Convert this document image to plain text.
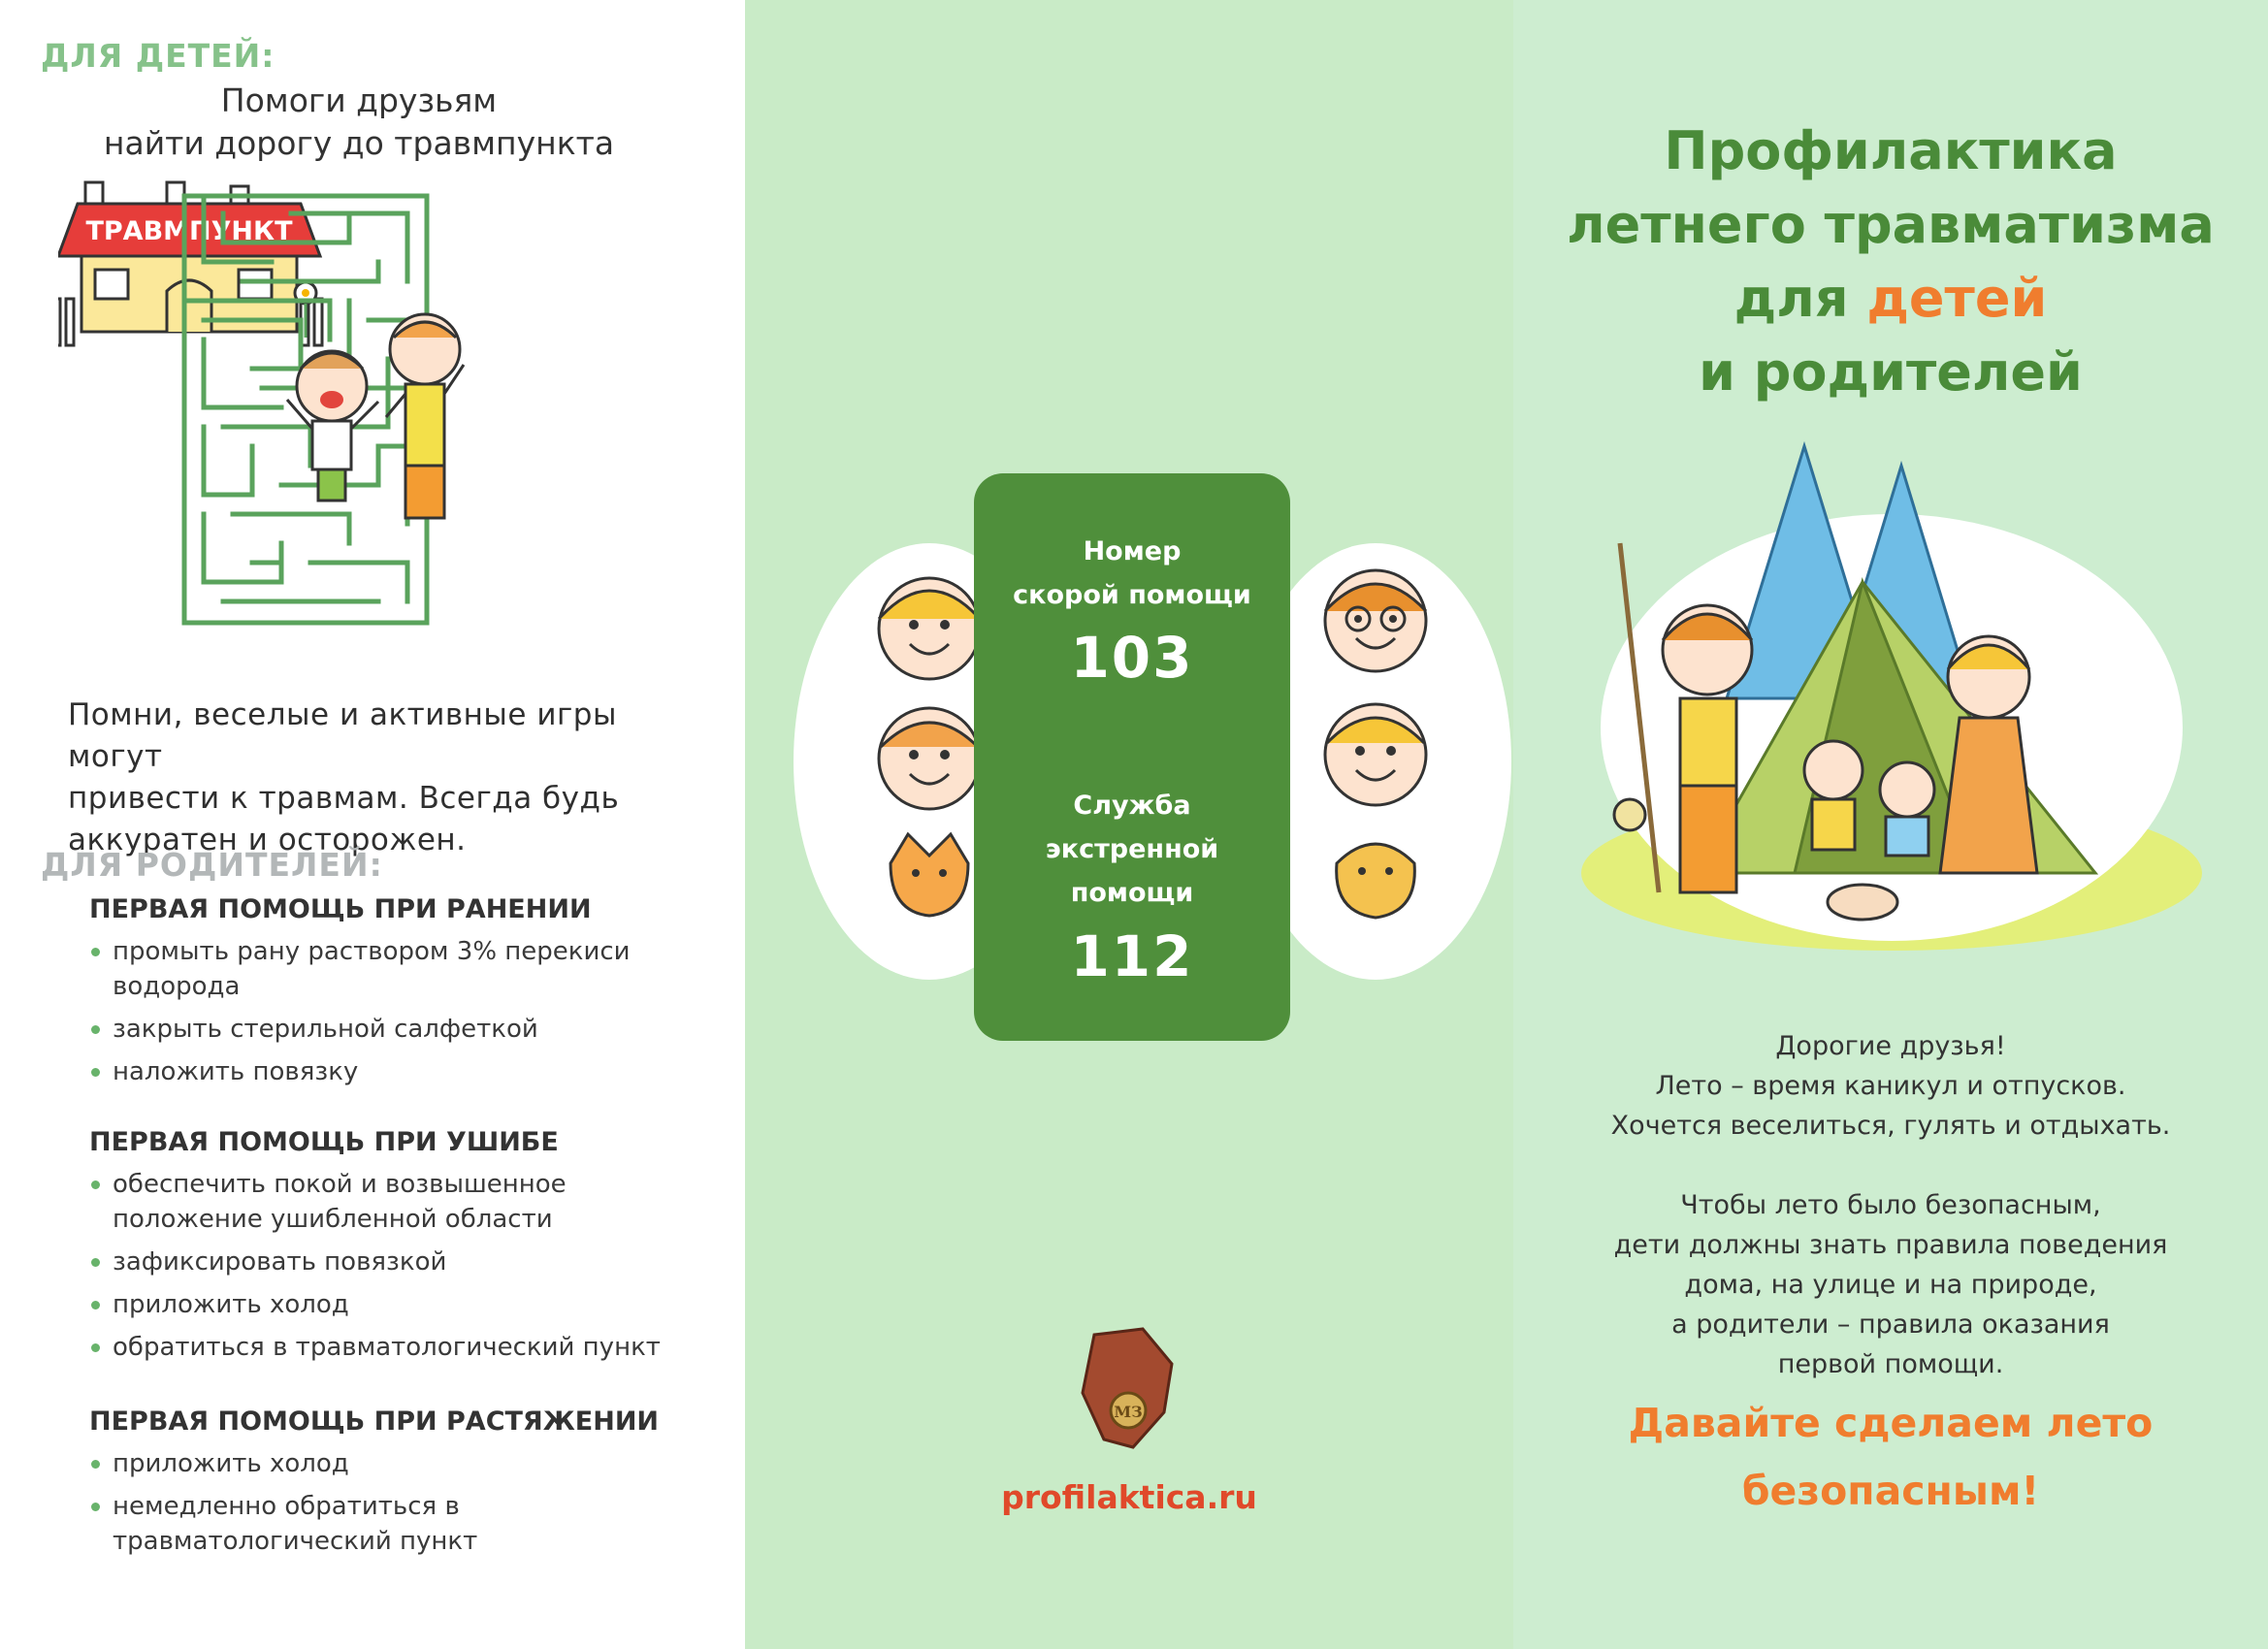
ДЛЯ ДЕТЕЙ:
Помоги друзьям
найти дорогу до травмпункта
ТРАВМПУНКТ
Помни, веселые и активные игры могут
привести к травмам. Всегда будь
аккуратен и осторожен.
ДЛЯ РОДИТЕЛЕЙ:
ПЕРВАЯ ПОМОЩЬ ПРИ РАНЕНИИ
промыть рану раствором 3% перекиси водорода
закрыть стерильной салфеткой
наложить повязку
ПЕРВАЯ ПОМОЩЬ ПРИ УШИБЕ
обеспечить покой и возвышенное положение ушибленной области
зафиксировать повязкой
приложить холод
обратиться в травматологический пункт
ПЕРВАЯ ПОМОЩЬ ПРИ РАСТЯЖЕНИИ
приложить холод
немедленно обратиться в травматологический пункт
Номер
скорой помощи
103
Служба
экстренной
помощи
112
МЗ
profilaktica.ru
Профилактика
летнего травматизма
для детей
и родителей
Дорогие друзья!
Лето – время каникул и отпусков.
Хочется веселиться, гулять и отдыхать.
Чтобы лето было безопасным,
дети должны знать правила поведения
дома, на улице и на природе,
а родители – правила оказания
первой помощи.
Давайте сделаем лето
безопасным!
